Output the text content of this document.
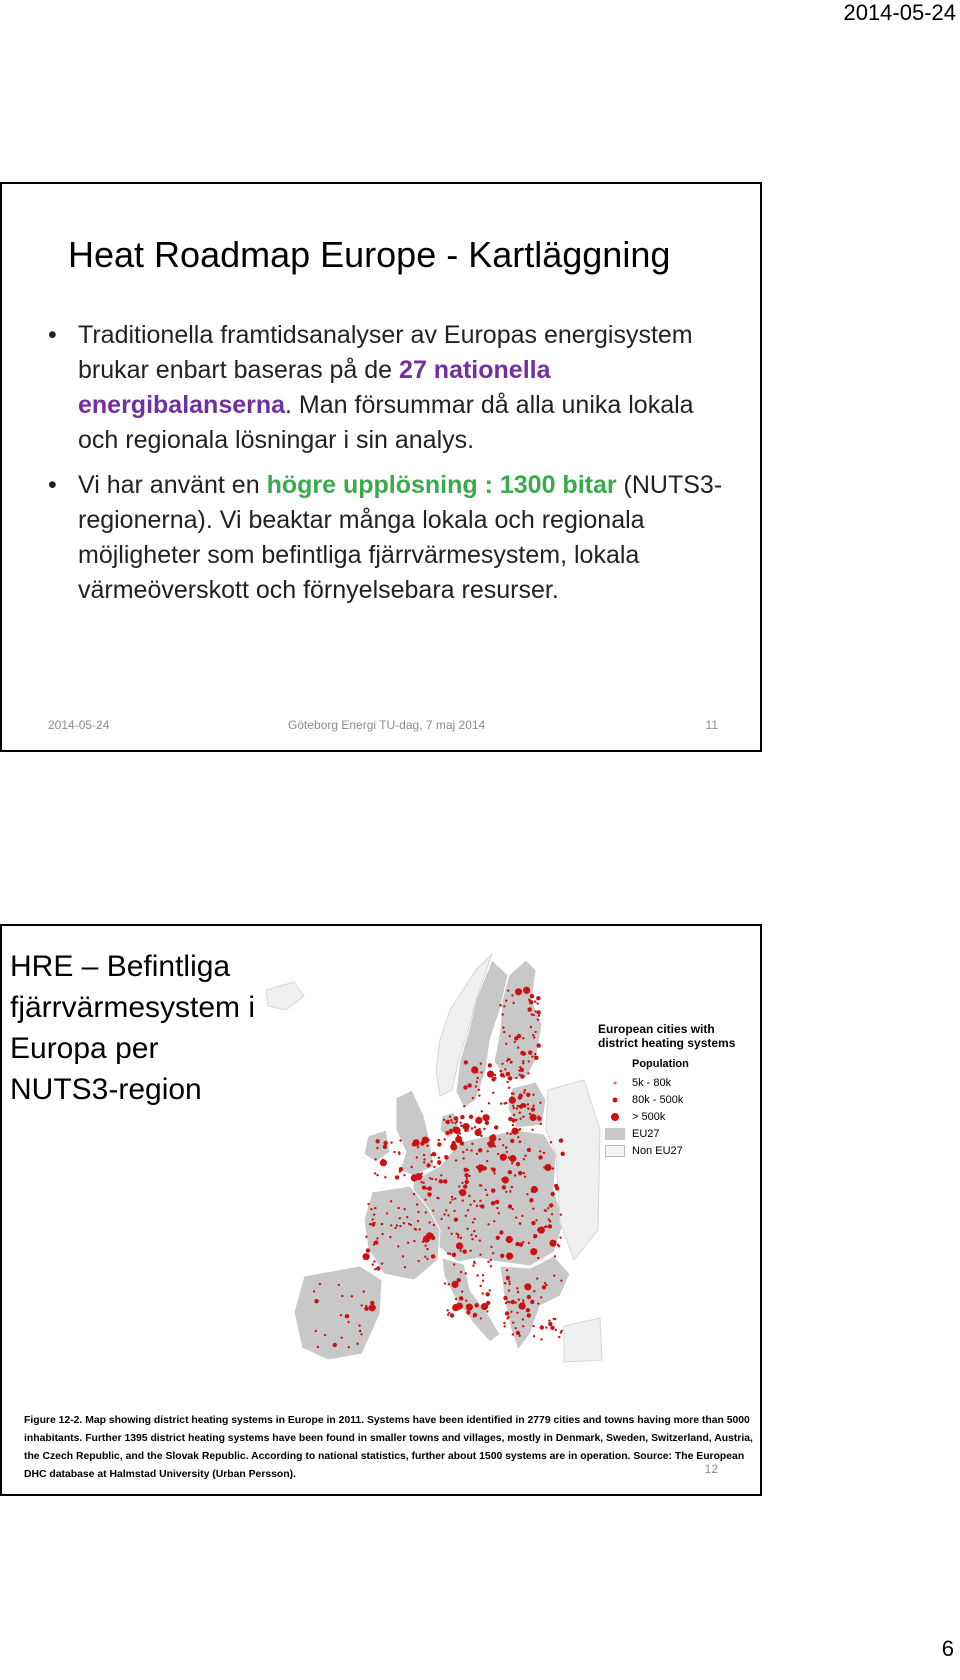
2014-05-24
Heat Roadmap Europe - Kartläggning
• Traditionella framtidsanalyser av Europas energisystem brukar enbart baseras på de 27 nationella energibalanserna. Man försummar då alla unika lokala och regionala lösningar i sin analys.
• Vi har använt en högre upplösning : 1300 bitar (NUTS3-regionerna). Vi beaktar många lokala och regionala möjligheter som befintliga fjärrvärmesystem, lokala värmeöverskott och förnyelsebara resurser.
2014-05-24	Göteborg Energi TU-dag, 7 maj 2014	11
HRE – Befintliga fjärrvärmesystem i Europa per NUTS3-region
European cities with district heating systems
Population
5k - 80k
80k - 500k
> 500k
EU27
Non EU27
Figure 12-2. Map showing district heating systems in Europe in 2011. Systems have been identified in 2779 cities and towns having more than 5000 inhabitants. Further 1395 district heating systems have been found in smaller towns and villages, mostly in Denmark, Sweden, Switzerland, Austria, the Czech Republic, and the Slovak Republic. According to national statistics, further about 1500 systems are in operation. Source: The European DHC database at Halmstad University (Urban Persson).	12
6
